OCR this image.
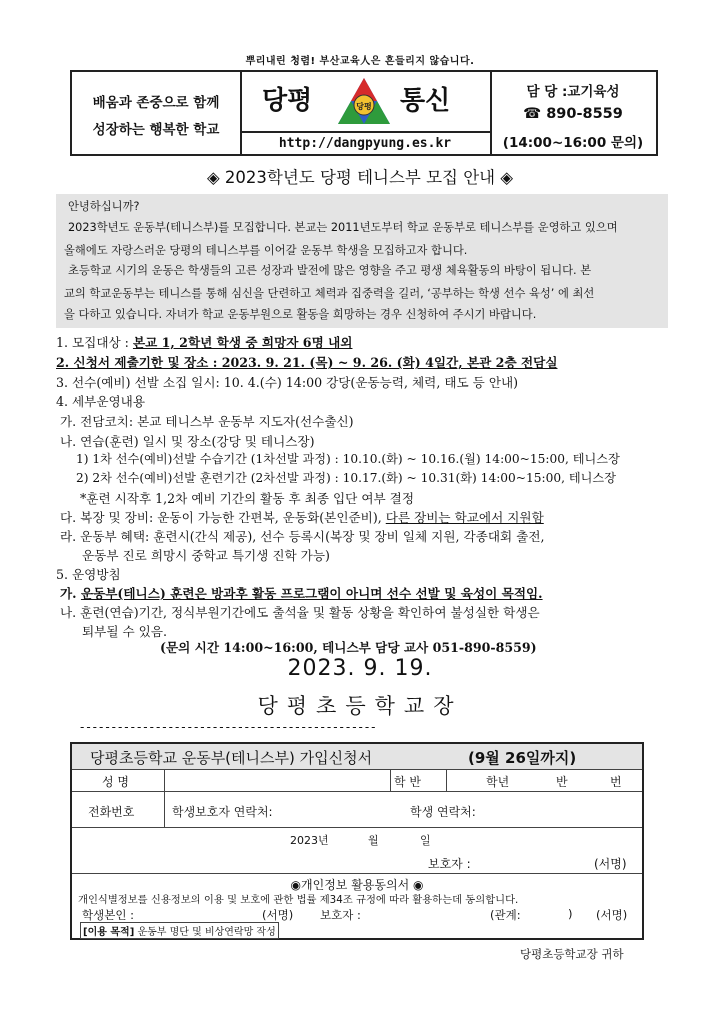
뿌리내린 청렴! 부산교육人은 흔들리지 않습니다.
배움과 존중으로 함께
성장하는 행복한 학교
당평	당평 통신
http://dangpyung.es.kr
담 당 :교기육성
☎ 890-8559
(14:00~16:00 문의)
◈ 2023학년도 당평 테니스부 모집 안내 ◈

안녕하십니까?

2023학년도 운동부(테니스부)를 모집합니다. 본교는 2011년도부터 학교 운동부로 테니스부를 운영하고 있으며

올해에도 자랑스러운 당평의 테니스부를 이어갈 운동부 학생을 모집하고자 합니다.

초등학교 시기의 운동은 학생들의 고른 성장과 발전에 많은 영향을 주고 평생 체육활동의 바탕이 됩니다. 본

교의 학교운동부는 테니스를 통해 심신을 단련하고 체력과 집중력을 길러, ‘공부하는 학생 선수 육성’ 에 최선

을 다하고 있습니다. 자녀가 학교 운동부원으로 활동을 희망하는 경우 신청하여 주시기 바랍니다.

1. 모집대상 : 본교 1, 2학년 학생 중 희망자 6명 내외
2. 신청서 제출기한 및 장소 : 2023. 9. 21. (목) ~ 9. 26. (화) 4일간, 본관 2층 전담실
3. 선수(예비) 선발 소집 일시: 10. 4.(수) 14:00 강당(운동능력, 체력, 태도 등 안내)
4. 세부운영내용
가. 전담코치: 본교 테니스부 운동부 지도자(선수출신)
나. 연습(훈련) 일시 및 장소(강당 및 테니스장)
1) 1차 선수(예비)선발 수습기간 (1차선발 과정) : 10.10.(화) ~ 10.16.(월) 14:00~15:00, 테니스장
2) 2차 선수(예비)선발 훈련기간 (2차선발 과정) : 10.17.(화) ~ 10.31(화) 14:00~15:00, 테니스장
*훈련 시작후 1,2차 예비 기간의 활동 후 최종 입단 여부 결정
다. 복장 및 장비: 운동이 가능한 간편복, 운동화(본인준비), 다른 장비는 학교에서 지원함
라. 운동부 혜택: 훈련시(간식 제공), 선수 등록시(복장 및 장비 일체 지원, 각종대회 출전,
운동부 진로 희망시 중학교 특기생 진학 가능)
5. 운영방침
가. 운동부(테니스) 훈련은 방과후 활동 프로그램이 아니며 선수 선발 및 육성이 목적임.
나. 훈련(연습)기간, 정식부원기간에도 출석율 및 활동 상황을 확인하여 불성실한 학생은
퇴부될 수 있음.
(문의 시간 14:00~16:00, 테니스부 담당 교사 051-890-8559)
2023. 9. 19.
당평초등학교장
-----------------------------------------------
당평초등학교 운동부(테니스부) 가입신청서	(9월 26일까지)
성 명	학 반	학년	반	번
전화번호	학생보호자 연락처:	학생 연락처:
2023년	월	일
보호자 :	(서명)
◉개인정보 활용동의서 ◉
개인식별정보를 신용정보의 이용 및 보호에 관한 법률 제34조 규정에 따라 활용하는데 동의합니다.
학생본인 :	(서명) 보호자 :	(관계:	) (서명)
[이용 목적] 운동부 명단 및 비상연락망 작성
당평초등학교장 귀하
